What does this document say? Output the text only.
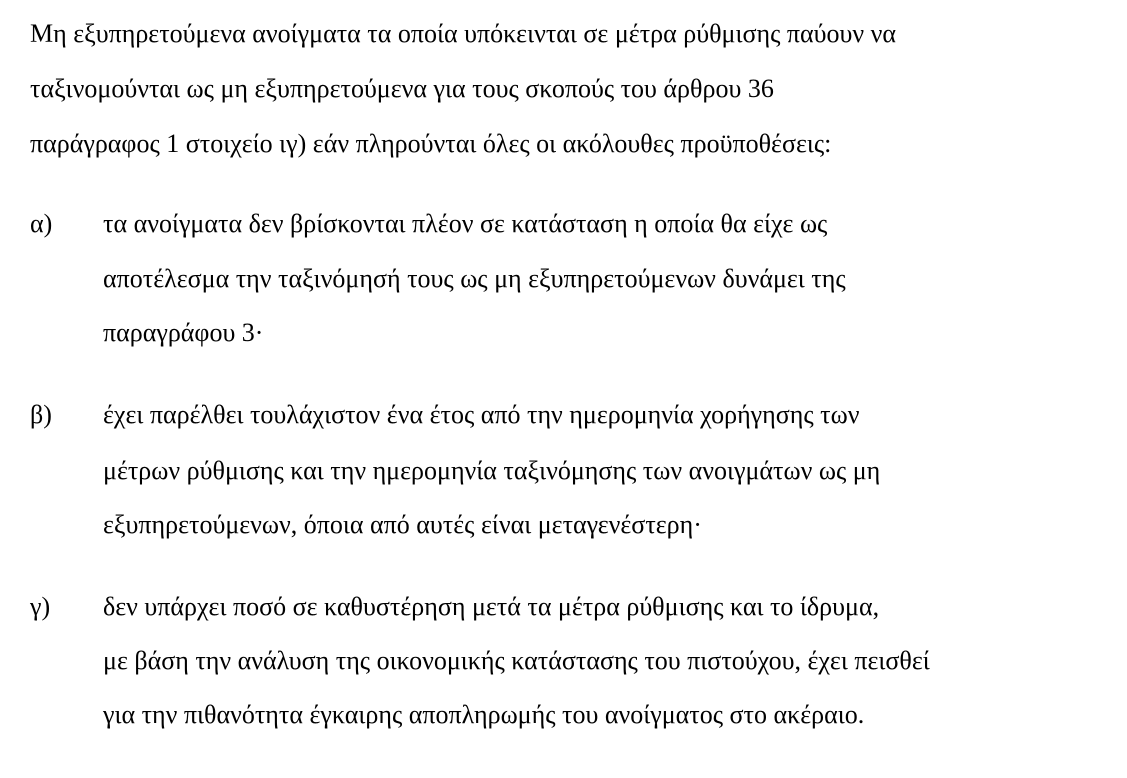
Μη εξυπηρετούμενα ανοίγματα τα οποία υπόκεινται σε μέτρα ρύθμισης παύουν να
ταξινομούνται ως μη εξυπηρετούμενα για τους σκοπούς του άρθρου 36
παράγραφος 1 στοιχείο ιγ) εάν πληρούνται όλες οι ακόλουθες προϋποθέσεις:
α) τα ανοίγματα δεν βρίσκονται πλέον σε κατάσταση η οποία θα είχε ως
αποτέλεσμα την ταξινόμησή τους ως μη εξυπηρετούμενων δυνάμει της
παραγράφου 3·
β) έχει παρέλθει τουλάχιστον ένα έτος από την ημερομηνία χορήγησης των
μέτρων ρύθμισης και την ημερομηνία ταξινόμησης των ανοιγμάτων ως μη
εξυπηρετούμενων, όποια από αυτές είναι μεταγενέστερη·
γ) δεν υπάρχει ποσό σε καθυστέρηση μετά τα μέτρα ρύθμισης και το ίδρυμα,
με βάση την ανάλυση της οικονομικής κατάστασης του πιστούχου, έχει πεισθεί
για την πιθανότητα έγκαιρης αποπληρωμής του ανοίγματος στο ακέραιο.
